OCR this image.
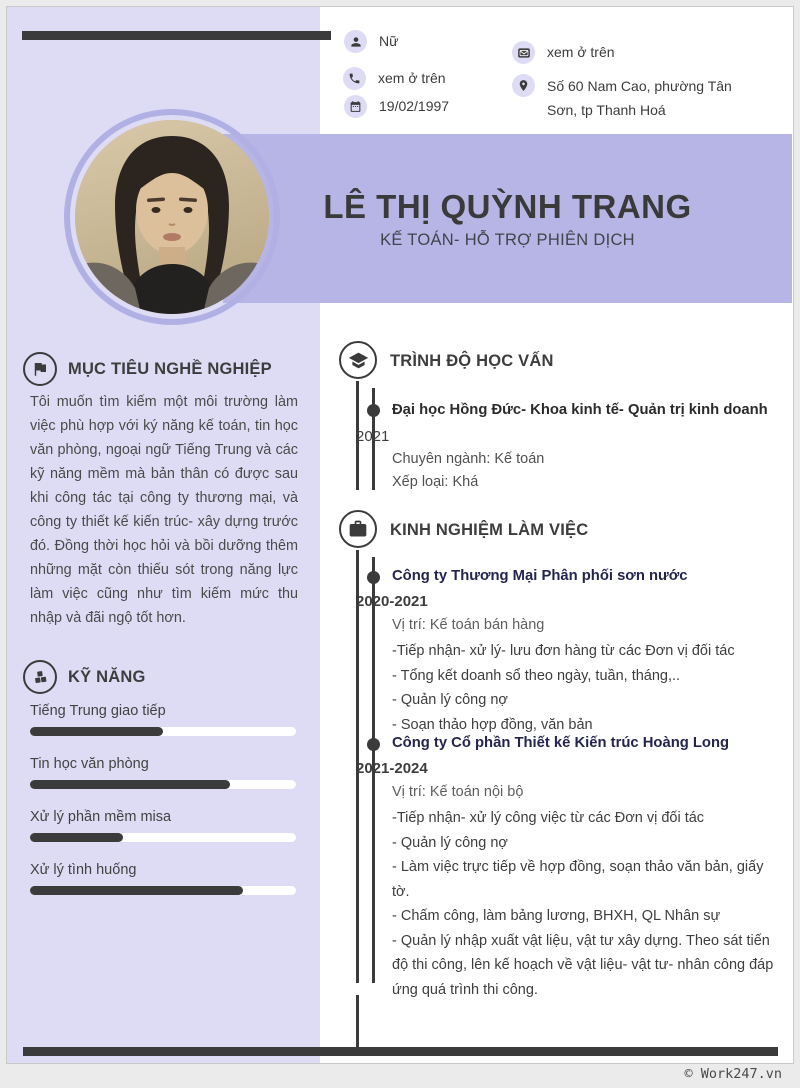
Nữ
xem ở trên
19/02/1997
xem ở trên
Số 60 Nam Cao, phường Tân Sơn, tp Thanh Hoá
LÊ THỊ QUỲNH TRANG
KẾ TOÁN- HỖ TRỢ PHIÊN DỊCH
MỤC TIÊU NGHỀ NGHIỆP
Tôi muốn tìm kiếm một môi trường làm việc phù hợp với ký năng kế toán, tin học văn phòng, ngoại ngữ Tiếng Trung và các kỹ năng mềm mà bản thân có được sau khi công tác tại công ty thương mại, và công ty thiết kế kiến trúc- xây dựng trước đó. Đồng thời học hỏi và bồi dưỡng thêm những mặt còn thiếu sót trong năng lực làm việc cũng như tìm kiếm mức thu nhập và đãi ngộ tốt hơn.
KỸ NĂNG
Tiếng Trung giao tiếp
Tin học văn phòng
Xử lý phần mềm misa
Xử lý tình huống
TRÌNH ĐỘ HỌC VẤN
Đại học Hồng Đức- Khoa kinh tế- Quản trị kinh doanh
2021
Chuyên ngành: Kế toán
Xếp loại: Khá
KINH NGHIỆM LÀM VIỆC
Công ty Thương Mại Phân phối sơn nước
2020-2021
Vị trí: Kế toán bán hàng
-Tiếp nhận- xử lý- lưu đơn hàng từ các Đơn vị đối tác
- Tổng kết doanh sổ theo ngày, tuần, tháng,..
- Quản lý công nợ
- Soạn thảo hợp đồng, văn bản
Công ty Cổ phần Thiết kế Kiến trúc Hoàng Long
2021-2024
Vị trí: Kế toán nội bộ
-Tiếp nhận- xử lý công việc từ các Đơn vị đối tác
- Quản lý công nợ
- Làm việc trực tiếp về hợp đồng, soạn thảo văn bản, giấy tờ.
- Chấm công, làm bảng lương, BHXH, QL Nhân sự
- Quản lý nhập xuất vật liệu, vật tư xây dựng. Theo sát tiến độ thi công, lên kế hoạch về vật liệu- vật tư- nhân công đáp ứng quá trình thi công.
© Work247.vn
